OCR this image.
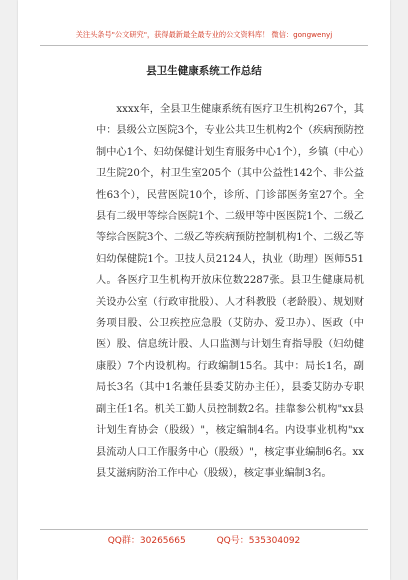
关注头条号"公文研究"，获得最新最全最专业的公文资料库！ 微信：gongwenyj
县卫生健康系统工作总结

xxxx年，全县卫生健康系统有医疗卫生机构267个，其中：县级公立医院3个，专业公共卫生机构2个（疾病预防控制中心1个、妇幼保健计划生育服务中心1个），乡镇（中心）卫生院20个，村卫生室205个（其中公益性142个、非公益性63个），民营医院10个，诊所、门诊部医务室27个。全县有二级甲等综合医院1个、二级甲等中医医院1个、二级乙等综合医院3个、二级乙等疾病预防控制机构1个、二级乙等妇幼保健院1个。卫技人员2124人，执业（助理）医师551人。各医疗卫生机构开放床位数2287张。县卫生健康局机关设办公室（行政审批股）、人才科教股（老龄股）、规划财务项目股、公卫疾控应急股（艾防办、爱卫办）、医政（中医）股、信息统计股、人口监测与计划生育指导股（妇幼健康股）7个内设机构。行政编制15名。其中：局长1名，副局长3名（其中1名兼任县委艾防办主任），县委艾防办专职副主任1名。机关工勤人员控制数2名。挂靠参公机构"xx县计划生育协会（股级）"，核定编制4名。内设事业机构"xx县流动人口工作服务中心（股级）"，核定事业编制6名。xx县艾滋病防治工作中心（股级），核定事业编制3名。

QQ群：30265665	QQ号：535304092
